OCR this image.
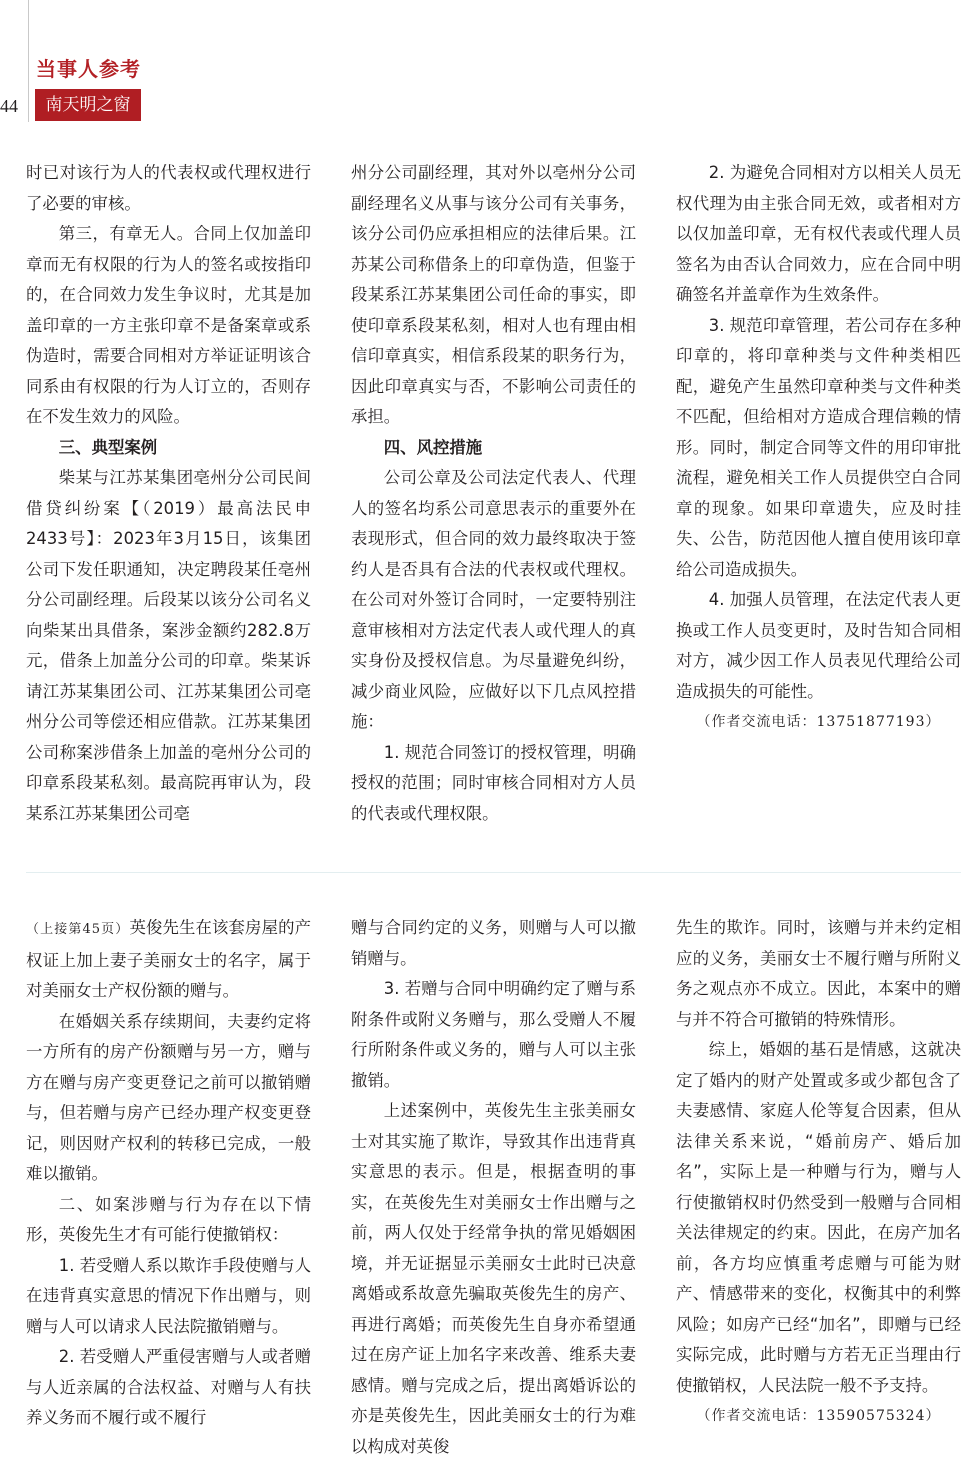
44
当事人参考
南天明之窗

时已对该行为人的代表权或代理权进行了必要的审核。

第三，有章无人。合同上仅加盖印章而无有权限的行为人的签名或按指印的，在合同效力发生争议时，尤其是加盖印章的一方主张印章不是备案章或系伪造时，需要合同相对方举证证明该合同系由有权限的行为人订立的，否则存在不发生效力的风险。

三、典型案例

柴某与江苏某集团亳州分公司民间借贷纠纷案【（2019）最高法民申2433号】：2023年3月15日，该集团公司下发任职通知，决定聘段某任亳州分公司副经理。后段某以该分公司名义向柴某出具借条，案涉金额约282.8万元，借条上加盖分公司的印章。柴某诉请江苏某集团公司、江苏某集团公司亳州分公司等偿还相应借款。江苏某集团公司称案涉借条上加盖的亳州分公司的印章系段某私刻。最高院再审认为，段某系江苏某集团公司亳

州分公司副经理，其对外以亳州分公司副经理名义从事与该分公司有关事务，该分公司仍应承担相应的法律后果。江苏某公司称借条上的印章伪造，但鉴于段某系江苏某集团公司任命的事实，即使印章系段某私刻，相对人也有理由相信印章真实，相信系段某的职务行为，因此印章真实与否，不影响公司责任的承担。

四、风控措施

公司公章及公司法定代表人、代理人的签名均系公司意思表示的重要外在表现形式，但合同的效力最终取决于签约人是否具有合法的代表权或代理权。在公司对外签订合同时，一定要特别注意审核相对方法定代表人或代理人的真实身份及授权信息。为尽量避免纠纷，减少商业风险，应做好以下几点风控措施：

1. 规范合同签订的授权管理，明确授权的范围；同时审核合同相对方人员的代表或代理权限。

2. 为避免合同相对方以相关人员无权代理为由主张合同无效，或者相对方以仅加盖印章，无有权代表或代理人员签名为由否认合同效力，应在合同中明确签名并盖章作为生效条件。

3. 规范印章管理，若公司存在多种印章的，将印章种类与文件种类相匹配，避免产生虽然印章种类与文件种类不匹配，但给相对方造成合理信赖的情形。同时，制定合同等文件的用印审批流程，避免相关工作人员提供空白合同章的现象。如果印章遗失，应及时挂失、公告，防范因他人擅自使用该印章给公司造成损失。

4. 加强人员管理，在法定代表人更换或工作人员变更时，及时告知合同相对方，减少因工作人员表见代理给公司造成损失的可能性。

（作者交流电话：13751877193）

（上接第45页）英俊先生在该套房屋的产权证上加上妻子美丽女士的名字，属于对美丽女士产权份额的赠与。

在婚姻关系存续期间，夫妻约定将一方所有的房产份额赠与另一方，赠与方在赠与房产变更登记之前可以撤销赠与，但若赠与房产已经办理产权变更登记，则因财产权利的转移已完成，一般难以撤销。

二、如案涉赠与行为存在以下情形，英俊先生才有可能行使撤销权：

1. 若受赠人系以欺诈手段使赠与人在违背真实意思的情况下作出赠与，则赠与人可以请求人民法院撤销赠与。

2. 若受赠人严重侵害赠与人或者赠与人近亲属的合法权益、对赠与人有扶养义务而不履行或不履行

赠与合同约定的义务，则赠与人可以撤销赠与。

3. 若赠与合同中明确约定了赠与系附条件或附义务赠与，那么受赠人不履行所附条件或义务的，赠与人可以主张撤销。

上述案例中，英俊先生主张美丽女士对其实施了欺诈，导致其作出违背真实意思的表示。但是，根据查明的事实，在英俊先生对美丽女士作出赠与之前，两人仅处于经常争执的常见婚姻困境，并无证据显示美丽女士此时已决意离婚或系故意先骗取英俊先生的房产、再进行离婚；而英俊先生自身亦希望通过在房产证上加名字来改善、维系夫妻感情。赠与完成之后，提出离婚诉讼的亦是英俊先生，因此美丽女士的行为难以构成对英俊

先生的欺诈。同时，该赠与并未约定相应的义务，美丽女士不履行赠与所附义务之观点亦不成立。因此，本案中的赠与并不符合可撤销的特殊情形。

综上，婚姻的基石是情感，这就决定了婚内的财产处置或多或少都包含了夫妻感情、家庭人伦等复合因素，但从法律关系来说，“婚前房产、婚后加名”，实际上是一种赠与行为，赠与人行使撤销权时仍然受到一般赠与合同相关法律规定的约束。因此，在房产加名前，各方均应慎重考虑赠与可能为财产、情感带来的变化，权衡其中的利弊风险；如房产已经“加名”，即赠与已经实际完成，此时赠与方若无正当理由行使撤销权，人民法院一般不予支持。

（作者交流电话：13590575324）
